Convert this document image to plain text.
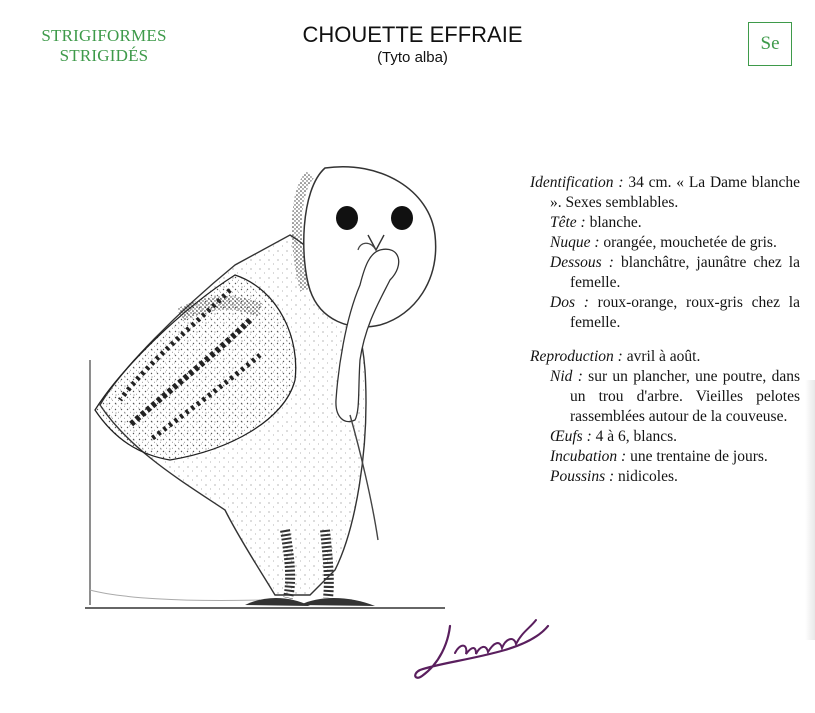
STRIGIFORMES
STRIGIDÉS
CHOUETTE EFFRAIE
(Tyto alba)
Se
Identification : 34 cm. « La Dame blanche ». Sexes semblables.
Tête : blanche.
Nuque : orangée, mouchetée de gris.
Dessous : blanchâtre, jaunâtre chez la femelle.
Dos : roux-orange, roux-gris chez la femelle.
Reproduction : avril à août.
Nid : sur un plancher, une poutre, dans un trou d'arbre. Vieilles pelotes rassemblées autour de la couveuse.
Œufs : 4 à 6, blancs.
Incubation : une trentaine de jours.
Poussins : nidicoles.
